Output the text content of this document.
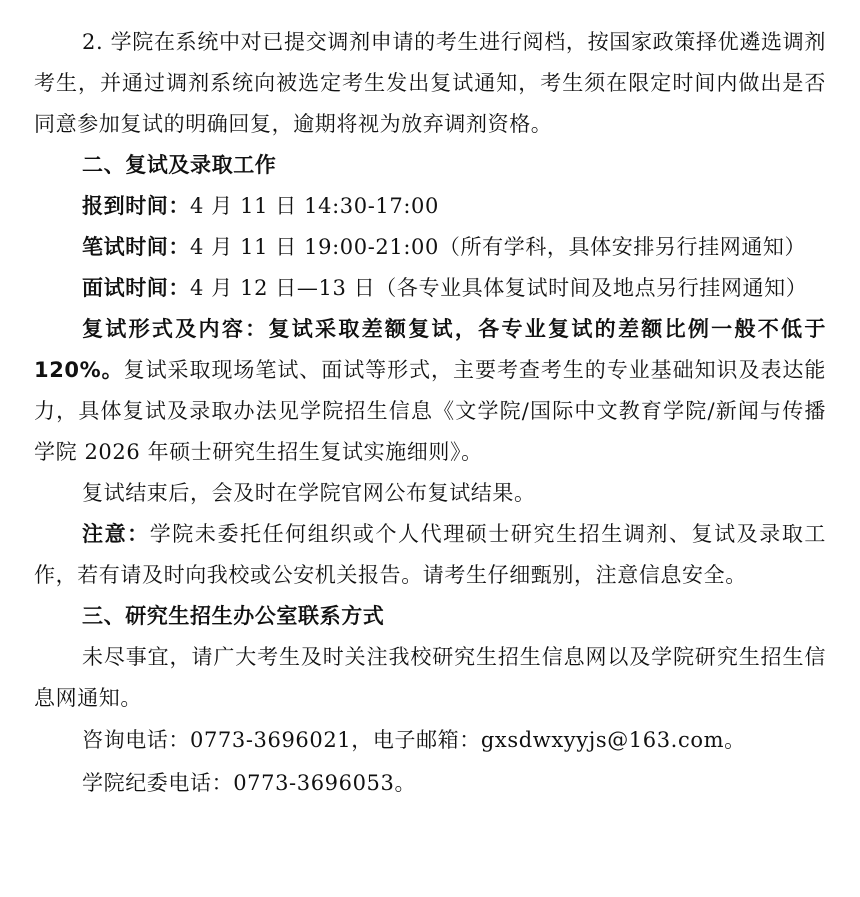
2. 学院在系统中对已提交调剂申请的考生进行阅档，按国家政策择优遴选调剂考生，并通过调剂系统向被选定考生发出复试通知，考生须在限定时间内做出是否同意参加复试的明确回复，逾期将视为放弃调剂资格。

二、复试及录取工作

报到时间：4 月 11 日 14:30-17:00

笔试时间：4 月 11 日 19:00-21:00（所有学科，具体安排另行挂网通知）

面试时间：4 月 12 日—13 日（各专业具体复试时间及地点另行挂网通知）

复试形式及内容：复试采取差额复试，各专业复试的差额比例一般不低于 120%。复试采取现场笔试、面试等形式，主要考查考生的专业基础知识及表达能力，具体复试及录取办法见学院招生信息《文学院/国际中文教育学院/新闻与传播学院 2026 年硕士研究生招生复试实施细则》。

复试结束后，会及时在学院官网公布复试结果。

注意：学院未委托任何组织或个人代理硕士研究生招生调剂、复试及录取工作，若有请及时向我校或公安机关报告。请考生仔细甄别，注意信息安全。

三、研究生招生办公室联系方式

未尽事宜，请广大考生及时关注我校研究生招生信息网以及学院研究生招生信息网通知。

咨询电话：0773-3696021，电子邮箱：gxsdwxyyjs@163.com。

学院纪委电话：0773-3696053。
